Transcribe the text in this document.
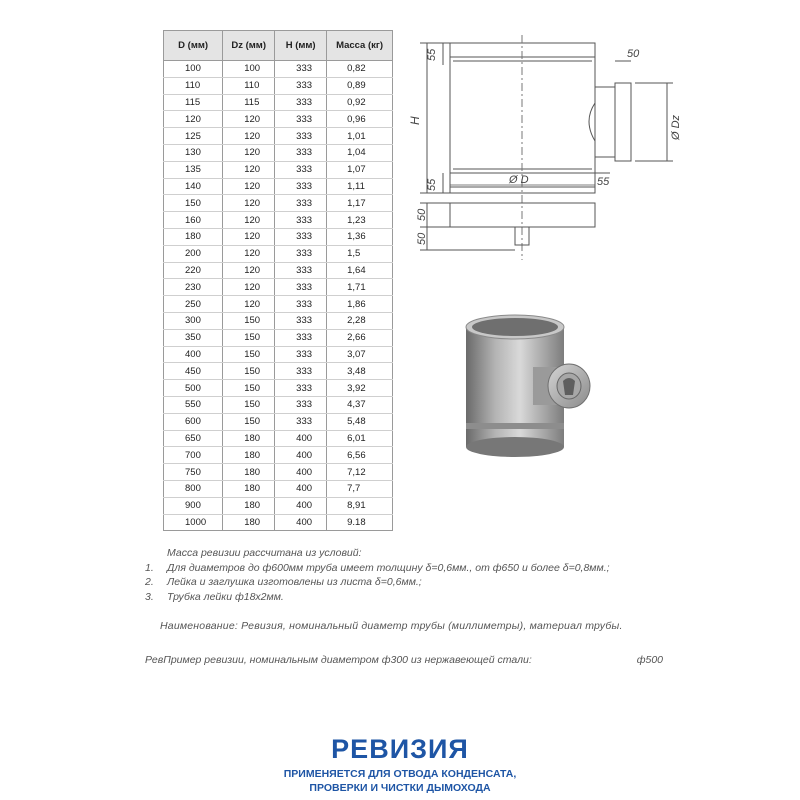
D (мм)	Dz (мм)	H (мм)	Масса (кг)
100	100	333	0,82
110	110	333	0,89
115	115	333	0,92
120	120	333	0,96
125	120	333	1,01
130	120	333	1,04
135	120	333	1,07
140	120	333	1,11
150	120	333	1,17
160	120	333	1,23
180	120	333	1,36
200	120	333	1,5
220	120	333	1,64
230	120	333	1,71
250	120	333	1,86
300	150	333	2,28
350	150	333	2,66
400	150	333	3,07
450	150	333	3,48
500	150	333	3,92
550	150	333	4,37
600	150	333	5,48
650	180	400	6,01
700	180	400	6,56
750	180	400	7,12
800	180	400	7,7
900	180	400	8,91
1000	180	400	9.18
55
55
H
Ø D	55
50
Ø Dz
50
50
Масса ревизии рассчитана из условий:
1.	Для диаметров до ф600мм труба имеет толщину δ=0,6мм., от ф650 и более δ=0,8мм.;
2.	Лейка и заглушка изготовлены из листа δ=0,6мм.;
3.	Трубка лейки ф18х2мм.
Наименование: Ревизия, номинальный диаметр трубы (миллиметры), материал трубы.
РевПример ревизии, номинальным диаметром ф300 из нержавеющей стали:	ф500
РЕВИЗИЯ
ПРИМЕНЯЕТСЯ ДЛЯ ОТВОДА КОНДЕНСАТА,
ПРОВЕРКИ И ЧИСТКИ ДЫМОХОДА
